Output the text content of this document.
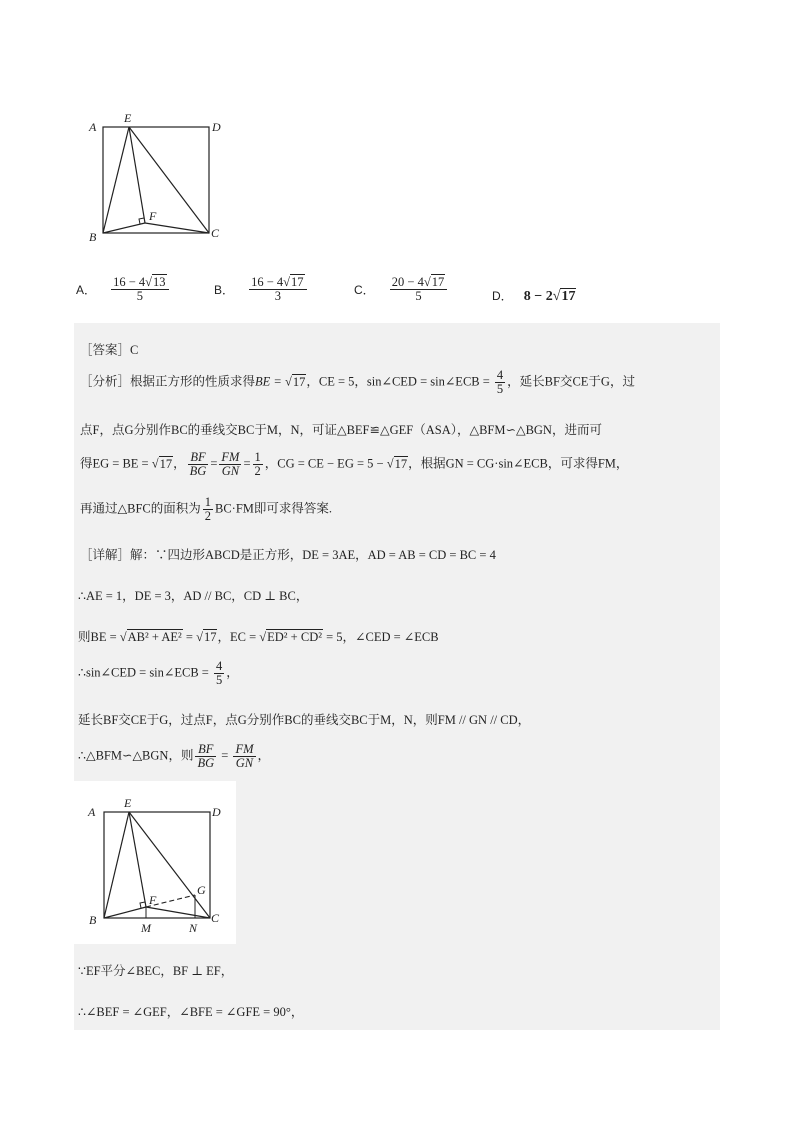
A
E
D
F
B	C
A． $\frac{16 - 4√13}{5}$	B． $\frac{16 - 4√17}{3}$	C． $\frac{20 - 4√17}{5}$	D． 8 − 2√17
［答案］C
［分析］根据正方形的性质求得BE = √17，CE = 5，sin∠CED = sin∠ECB = $\frac{4}{5}$ ，延长BF交CE于G，过
点F，点G分别作BC的垂线交BC于M，N，可证△BEF≌△GEF（ASA），△BFM∽△BGN，进而可
得EG = BE = √17， $\frac{BF}{BG} = \frac{FM}{GN} = \frac{1}{2}$ ，CG = CE − EG = 5 − √17，根据GN = CG·sin∠ECB，可求得FM，
再通过△BFC的面积为 $\frac{1}{2} BC\cdot FM$即可求得答案.
［详解］解：∵四边形ABCD是正方形，DE = 3AE，AD = AB = CD = BC = 4
∴AE = 1，DE = 3，AD // BC，CD ⊥ BC，
则BE = √AB² + AE² = √17，EC = √ED² + CD² = 5，∠CED = ∠ECB
∴sin∠CED = sin∠ECB = $\frac{4}{5}$ ，
延长BF交CE于G，过点F，点G分别作BC的垂线交BC于M，N，则FM // GN // CD，
∴△BFM∽△BGN，则 $\frac{BF}{BG} = \frac{FM}{GN}$ ，
A
E
D
F
G
B	C
M	N
∵EF平分∠BEC，BF ⊥ EF，
∴∠BEF = ∠GEF，∠BFE = ∠GFE = 90°，
